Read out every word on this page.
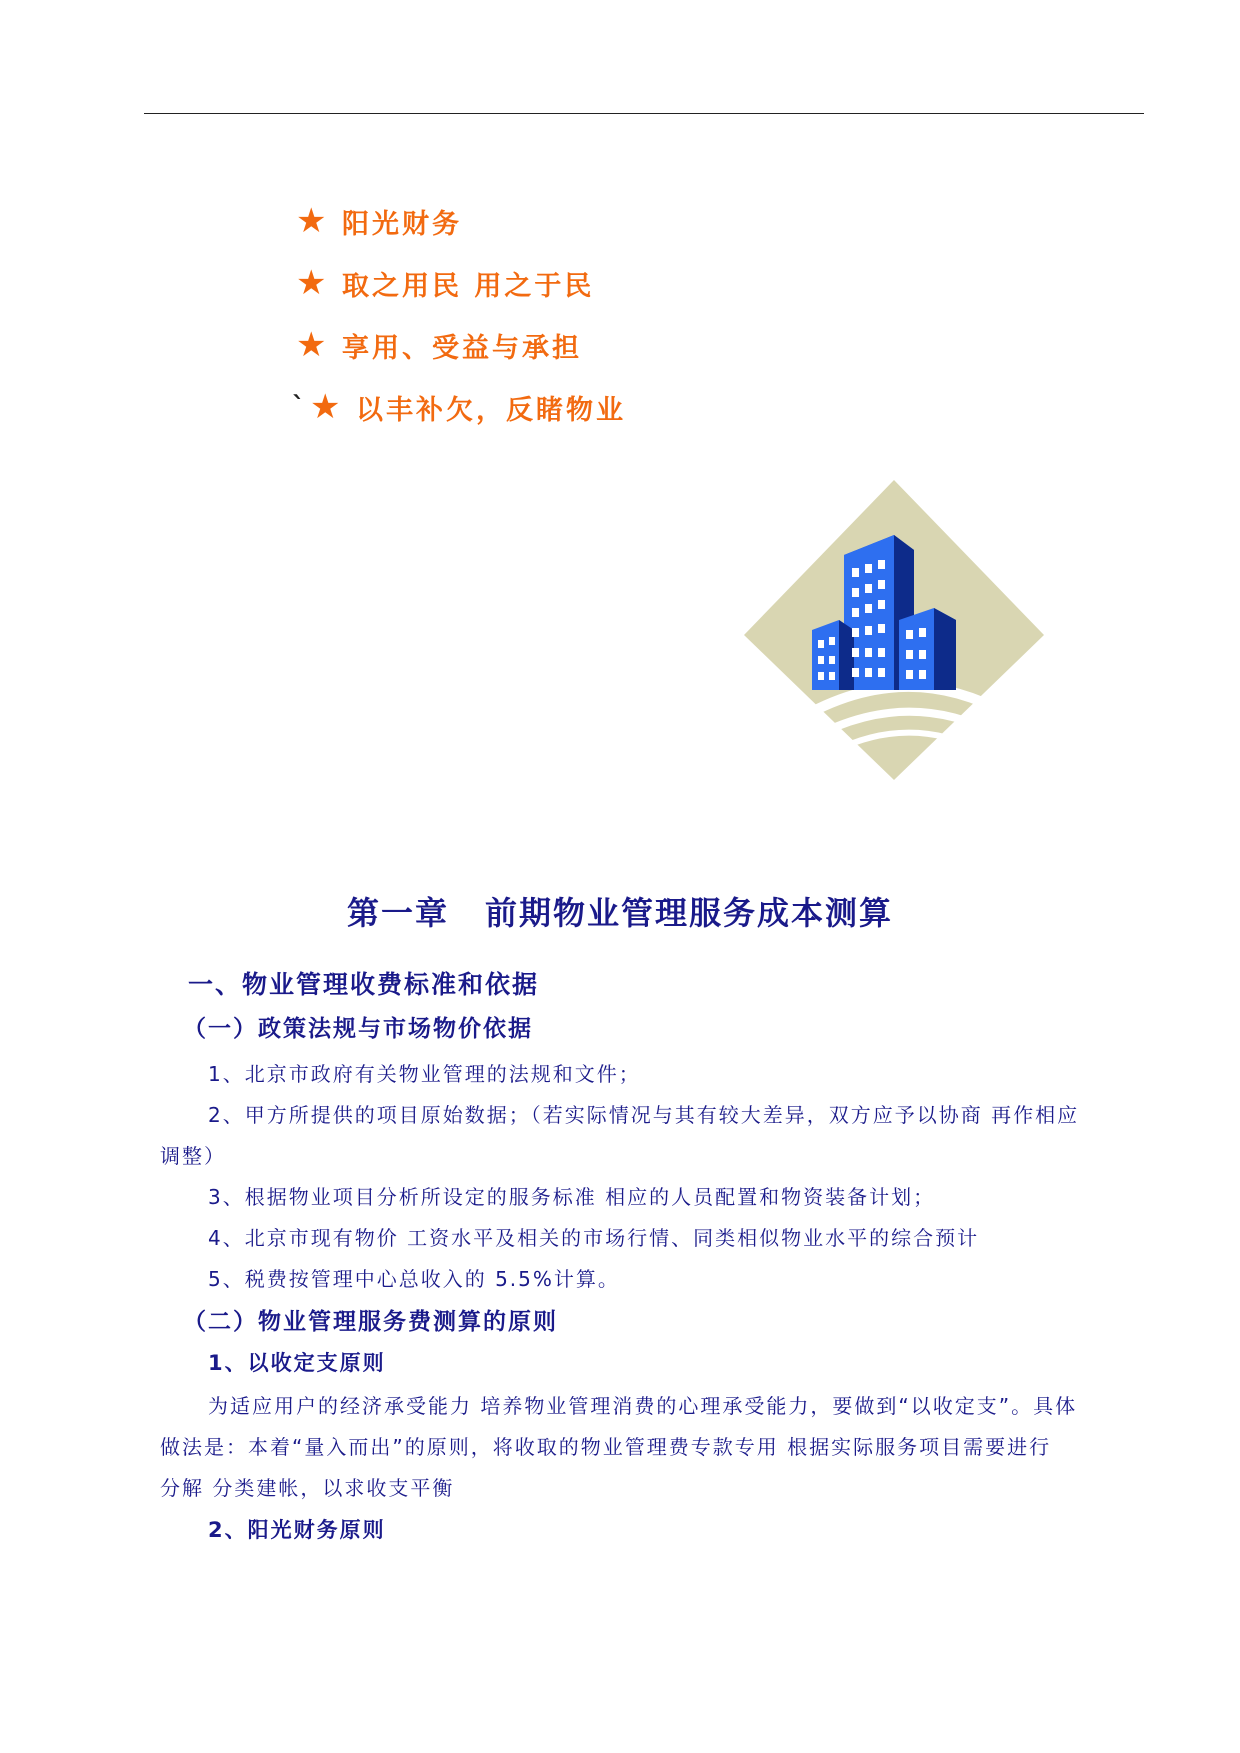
★ 阳光财务
★ 取之用民 用之于民
★ 享用、受益与承担
` ★ 以丰补欠，反睹物业
第一章 前期物业管理服务成本测算
一、物业管理收费标准和依据
（一）政策法规与市场物价依据
1、北京市政府有关物业管理的法规和文件；
2、甲方所提供的项目原始数据；（若实际情况与其有较大差异，双方应予以协商 再作相应
调整）
3、根据物业项目分析所设定的服务标准 相应的人员配置和物资装备计划；
4、北京市现有物价 工资水平及相关的市场行情、同类相似物业水平的综合预计
5、税费按管理中心总收入的 5.5%计算。
（二）物业管理服务费测算的原则
1、以收定支原则
为适应用户的经济承受能力 培养物业管理消费的心理承受能力，要做到“以收定支”。具体
做法是：本着“量入而出”的原则，将收取的物业管理费专款专用 根据实际服务项目需要进行
分解 分类建帐，以求收支平衡
2、阳光财务原则
